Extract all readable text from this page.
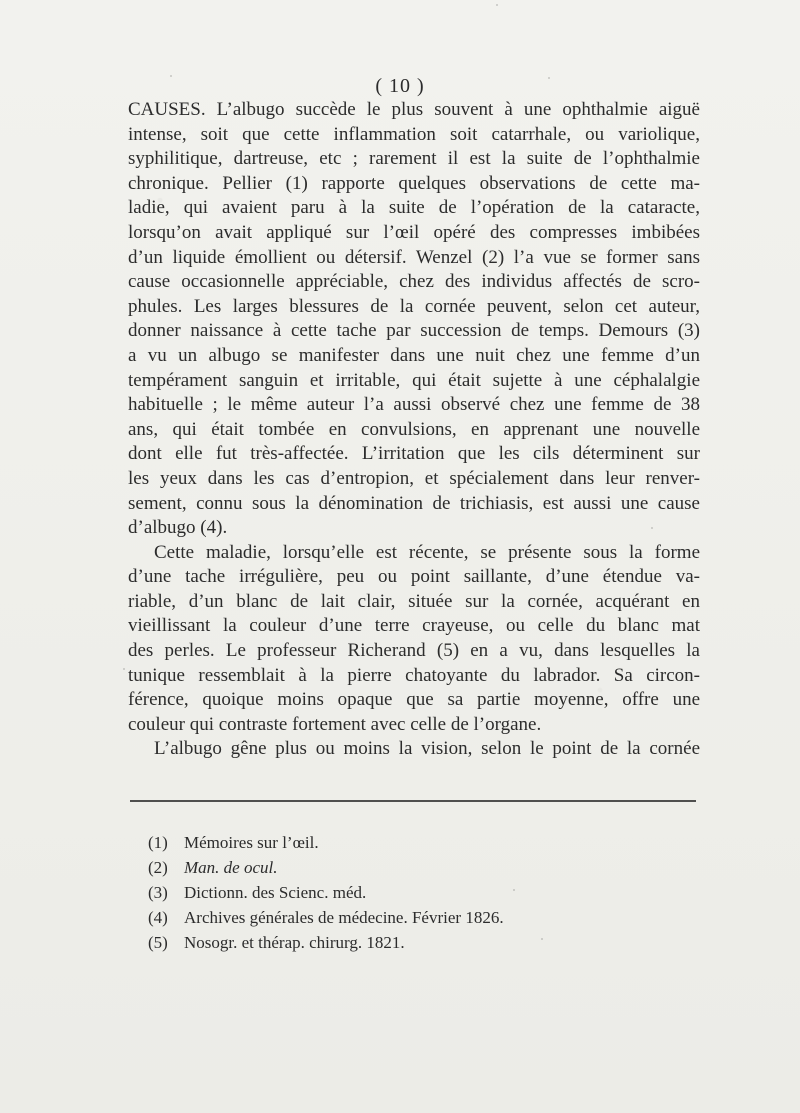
( 10 )
CAUSES. L’albugo succède le plus souvent à une ophthalmie aiguë
intense, soit que cette inflammation soit catarrhale, ou variolique,
syphilitique, dartreuse, etc ; rarement il est la suite de l’ophthalmie
chronique. Pellier (1) rapporte quelques observations de cette ma-
ladie, qui avaient paru à la suite de l’opération de la cataracte,
lorsqu’on avait appliqué sur l’œil opéré des compresses imbibées
d’un liquide émollient ou détersif. Wenzel (2) l’a vue se former sans
cause occasionnelle appréciable, chez des individus affectés de scro-
phules. Les larges blessures de la cornée peuvent, selon cet auteur,
donner naissance à cette tache par succession de temps. Demours (3)
a vu un albugo se manifester dans une nuit chez une femme d’un
tempérament sanguin et irritable, qui était sujette à une céphalalgie
habituelle ; le même auteur l’a aussi observé chez une femme de 38
ans, qui était tombée en convulsions, en apprenant une nouvelle
dont elle fut très-affectée. L’irritation que les cils déterminent sur
les yeux dans les cas d’entropion, et spécialement dans leur renver-
sement, connu sous la dénomination de trichiasis, est aussi une cause
d’albugo (4).
Cette maladie, lorsqu’elle est récente, se présente sous la forme
d’une tache irrégulière, peu ou point saillante, d’une étendue va-
riable, d’un blanc de lait clair, située sur la cornée, acquérant en
vieillissant la couleur d’une terre crayeuse, ou celle du blanc mat
des perles. Le professeur Richerand (5) en a vu, dans lesquelles la
tunique ressemblait à la pierre chatoyante du labrador. Sa circon-
férence, quoique moins opaque que sa partie moyenne, offre une
couleur qui contraste fortement avec celle de l’organe.
L’albugo gêne plus ou moins la vision, selon le point de la cornée
(1) Mémoires sur l’œil.
(2) Man. de ocul.
(3) Dictionn. des Scienc. méd.
(4) Archives générales de médecine. Février 1826.
(5) Nosogr. et thérap. chirurg. 1821.
